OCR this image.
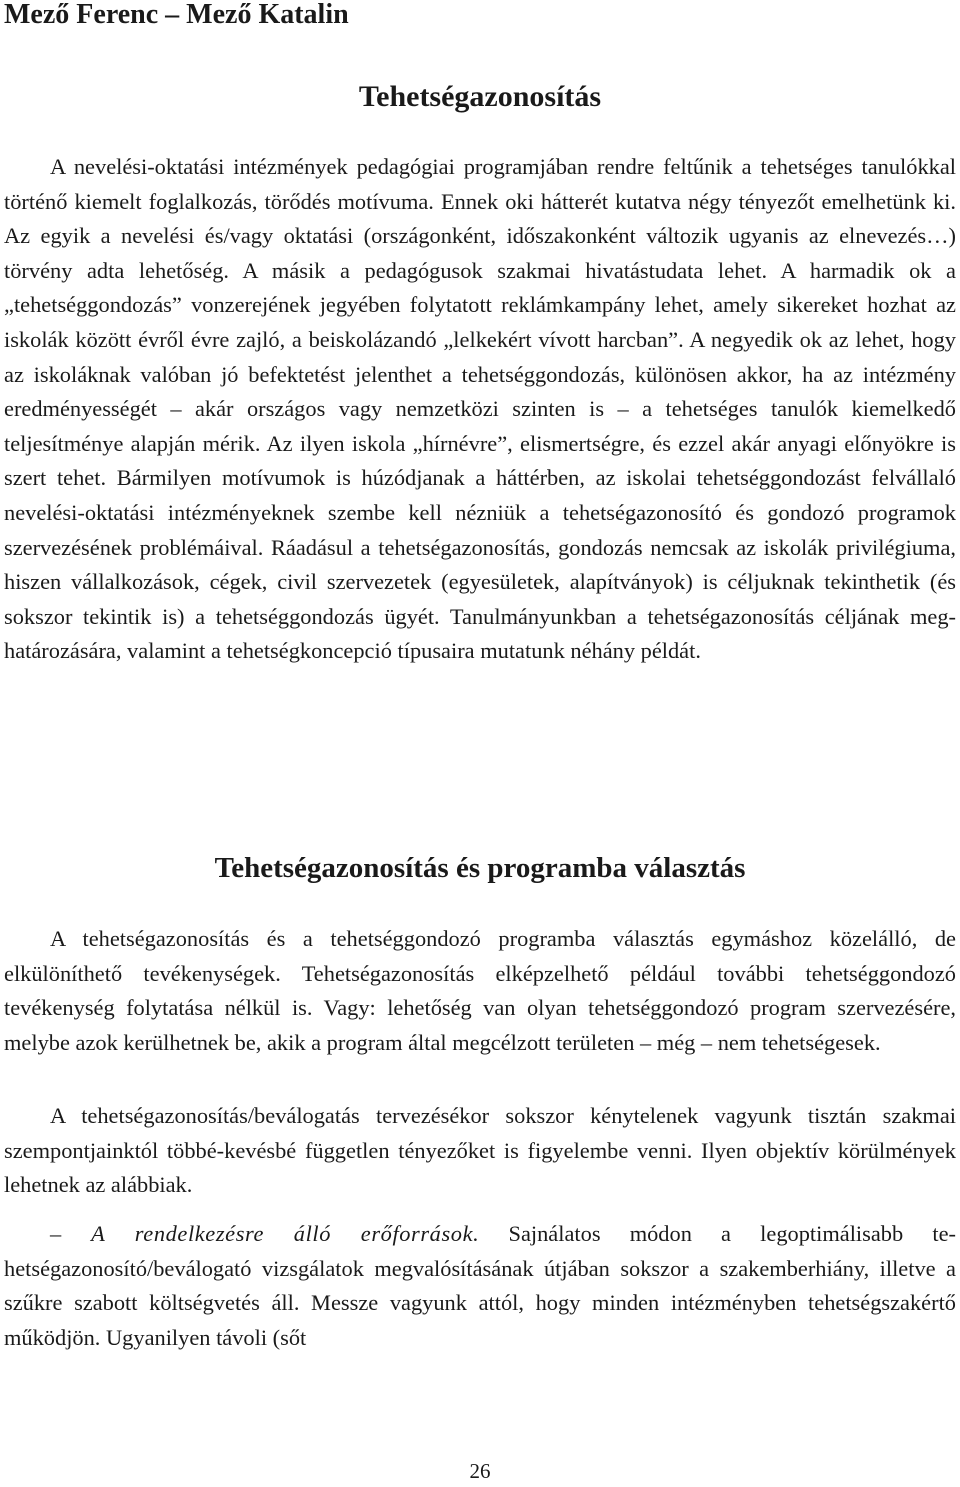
Mező Ferenc – Mező Katalin

Tehetségazonosítás

A nevelési-oktatási intézmények pedagógiai programjában rendre feltűnik a tehetséges tanulókkal történő kiemelt foglalkozás, törődés motívuma. Ennek oki hátterét kutatva négy tényezőt emelhetünk ki. Az egyik a nevelési és/vagy oktatási (országonként, időszakonként változik ugyanis az elnevezés…) törvény adta lehetőség. A másik a pedagógusok szakmai hivatástudata lehet. A harmadik ok a „tehetséggondozás” vonzerejének jegyében folytatott reklámkampány lehet, amely sikereket hozhat az iskolák között évről évre zajló, a beiskolázandó „lelkekért vívott harcban”. A negyedik ok az lehet, hogy az iskoláknak valóban jó befektetést jelenthet a tehetséggondozás, különösen akkor, ha az intézmény eredményességét – akár országos vagy nemzetközi szinten is – a tehetséges tanulók kiemelkedő teljesítménye alapján mérik. Az ilyen iskola „hírnévre”, elismertségre, és ezzel akár anyagi előnyökre is szert tehet. Bármilyen motívumok is húzódjanak a háttérben, az iskolai tehetséggondozást felvállaló nevelési-oktatási intézményeknek szembe kell nézniük a tehetségazonosító és gondozó programok szervezésének problémáival. Ráadásul a tehetségazonosítás, gondozás nemcsak az iskolák privilégiuma, hiszen vállalkozások, cégek, civil szervezetek (egyesületek, alapítványok) is céljuknak tekinthetik (és sokszor tekintik is) a tehetséggondozás ügyét. Tanulmányunkban a tehetségazonosítás céljának meghatározására, valamint a tehetségkoncepció típusaira mutatunk néhány példát.

Tehetségazonosítás és programba választás

A tehetségazonosítás és a tehetséggondozó programba választás egymáshoz közelálló, de elkülöníthető tevékenységek. Tehetségazonosítás elképzelhető például további tehetséggondozó tevékenység folytatása nélkül is. Vagy: lehetőség van olyan tehetséggondozó program szervezésére, melybe azok kerülhetnek be, akik a program által megcélzott területen – még – nem tehetségesek.

A tehetségazonosítás/beválogatás tervezésékor sokszor kénytelenek vagyunk tisztán szakmai szempontjainktól többé-kevésbé független tényezőket is figyelembe venni. Ilyen objektív körülmények lehetnek az alábbiak.

– A rendelkezésre álló erőforrások. Sajnálatos módon a legoptimálisabb tehetségazonosító/beválogató vizsgálatok megvalósításának útjában sokszor a szakemberhiány, illetve a szűkre szabott költségvetés áll. Messze vagyunk attól, hogy minden intézményben tehetségszakértő működjön. Ugyanilyen távoli (sőt

26
